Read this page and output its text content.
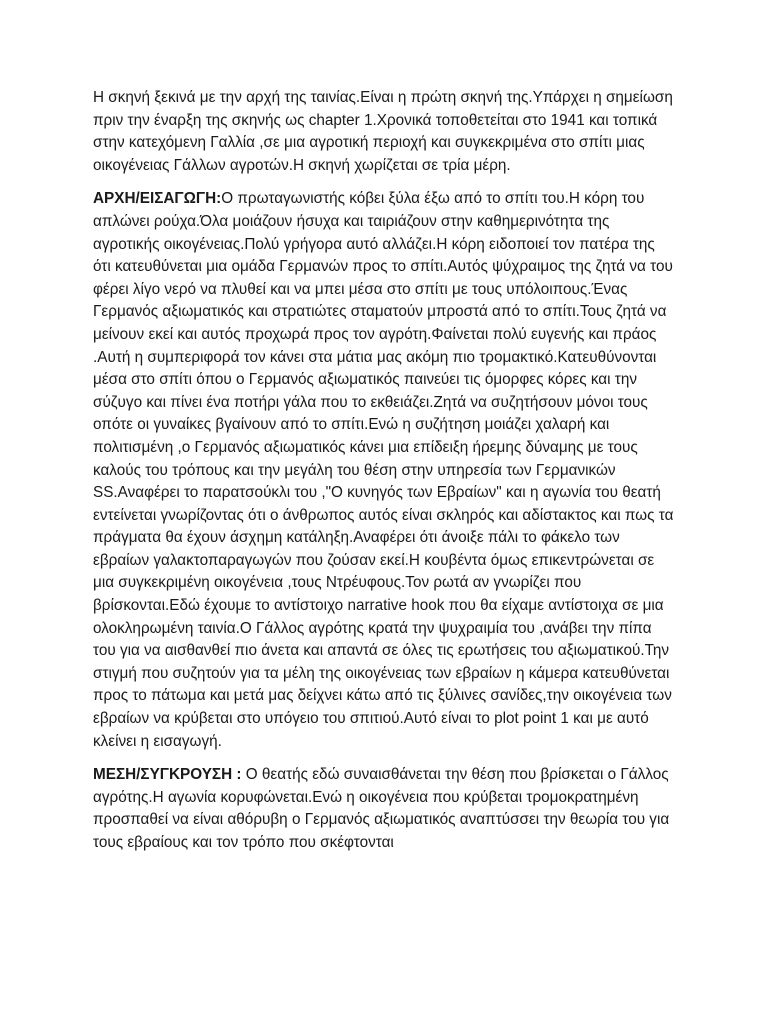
Η σκηνή ξεκινά με την αρχή της ταινίας.Είναι η πρώτη σκηνή της.Υπάρχει η σημείωση πριν την έναρξη της σκηνής ως chapter 1.Χρονικά τοποθετείται στο 1941 και τοπικά στην κατεχόμενη Γαλλία ,σε μια αγροτική περιοχή και συγκεκριμένα στο σπίτι μιας οικογένειας Γάλλων αγροτών.Η σκηνή χωρίζεται σε τρία μέρη.

ΑΡΧΗ/ΕΙΣΑΓΩΓΗ:Ο πρωταγωνιστής κόβει ξύλα έξω από το σπίτι του.Η κόρη του απλώνει ρούχα.Όλα μοιάζουν ήσυχα και ταιριάζουν στην καθημερινότητα της αγροτικής οικογένειας.Πολύ γρήγορα αυτό αλλάζει.Η κόρη ειδοποιεί τον πατέρα της ότι κατευθύνεται μια ομάδα Γερμανών προς το σπίτι.Αυτός ψύχραιμος της ζητά να του φέρει λίγο νερό να πλυθεί και να μπει μέσα στο σπίτι με τους υπόλοιπους.Ένας Γερμανός αξιωματικός και στρατιώτες σταματούν μπροστά από το σπίτι.Τους ζητά να μείνουν εκεί και αυτός προχωρά προς τον αγρότη.Φαίνεται πολύ ευγενής και πράος .Αυτή η συμπεριφορά τον κάνει στα μάτια μας ακόμη πιο τρομακτικό.Κατευθύνονται μέσα στο σπίτι όπου ο Γερμανός αξιωματικός παινεύει τις όμορφες κόρες και την σύζυγο και πίνει ένα ποτήρι γάλα που το εκθειάζει.Ζητά να συζητήσουν μόνοι τους οπότε οι γυναίκες βγαίνουν από το σπίτι.Ενώ η συζήτηση μοιάζει χαλαρή και πολιτισμένη ,ο Γερμανός αξιωματικός κάνει μια επίδειξη ήρεμης δύναμης με τους καλούς του τρόπους και την μεγάλη του θέση στην υπηρεσία των Γερμανικών SS.Αναφέρει το παρατσούκλι του ,"Ο κυνηγός των Εβραίων" και η αγωνία του θεατή εντείνεται γνωρίζοντας ότι ο άνθρωπος αυτός είναι σκληρός και αδίστακτος και πως τα πράγματα θα έχουν άσχημη κατάληξη.Αναφέρει ότι άνοιξε πάλι το φάκελο των εβραίων γαλακτοπαραγωγών που ζούσαν εκεί.Η κουβέντα όμως επικεντρώνεται σε μια συγκεκριμένη οικογένεια ,τους Ντρέυφους.Τον ρωτά αν γνωρίζει που βρίσκονται.Εδώ έχουμε το αντίστοιχο narrative hook που θα είχαμε αντίστοιχα σε μια ολοκληρωμένη ταινία.Ο Γάλλος αγρότης κρατά την ψυχραιμία του ,ανάβει την πίπα του για να αισθανθεί πιο άνετα και απαντά σε όλες τις ερωτήσεις του αξιωματικού.Την στιγμή που συζητούν για τα μέλη της οικογένειας των εβραίων η κάμερα κατευθύνεται προς το πάτωμα και μετά μας δείχνει κάτω από τις ξύλινες σανίδες,την οικογένεια των εβραίων να κρύβεται στο υπόγειο του σπιτιού.Αυτό είναι το plot point 1 και με αυτό κλείνει η εισαγωγή.

ΜΕΣΗ/ΣΥΓΚΡΟΥΣΗ : Ο θεατής εδώ συναισθάνεται την θέση που βρίσκεται ο Γάλλος αγρότης.Η αγωνία κορυφώνεται.Ενώ η οικογένεια που κρύβεται τρομοκρατημένη προσπαθεί να είναι αθόρυβη ο Γερμανός αξιωματικός αναπτύσσει την θεωρία του για τους εβραίους και τον τρόπο που σκέφτονται
